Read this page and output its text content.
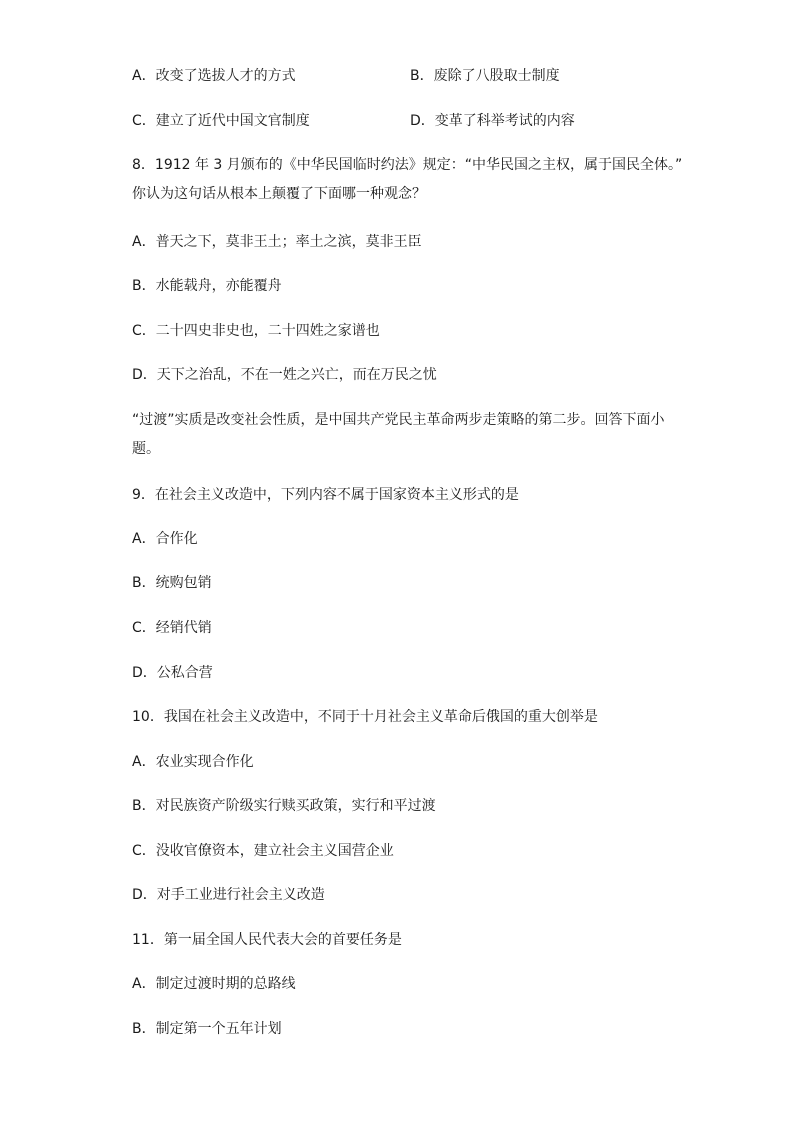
A．改变了选拔人才的方式	B．废除了八股取士制度
C．建立了近代中国文官制度	D．变革了科举考试的内容
8．1912 年 3 月颁布的《中华民国临时约法》规定：“中华民国之主权，属于国民全体。”
你认为这句话从根本上颠覆了下面哪一种观念？
A．普天之下，莫非王土；率土之滨，莫非王臣
B．水能载舟，亦能覆舟
C．二十四史非史也，二十四姓之家谱也
D．天下之治乱，不在一姓之兴亡，而在万民之忧
“过渡”实质是改变社会性质，是中国共产党民主革命两步走策略的第二步。回答下面小
题。
9．在社会主义改造中，下列内容不属于国家资本主义形式的是
A．合作化
B．统购包销
C．经销代销
D．公私合营
10．我国在社会主义改造中，不同于十月社会主义革命后俄国的重大创举是
A．农业实现合作化
B．对民族资产阶级实行赎买政策，实行和平过渡
C．没收官僚资本，建立社会主义国营企业
D．对手工业进行社会主义改造
11．第一届全国人民代表大会的首要任务是
A．制定过渡时期的总路线
B．制定第一个五年计划
